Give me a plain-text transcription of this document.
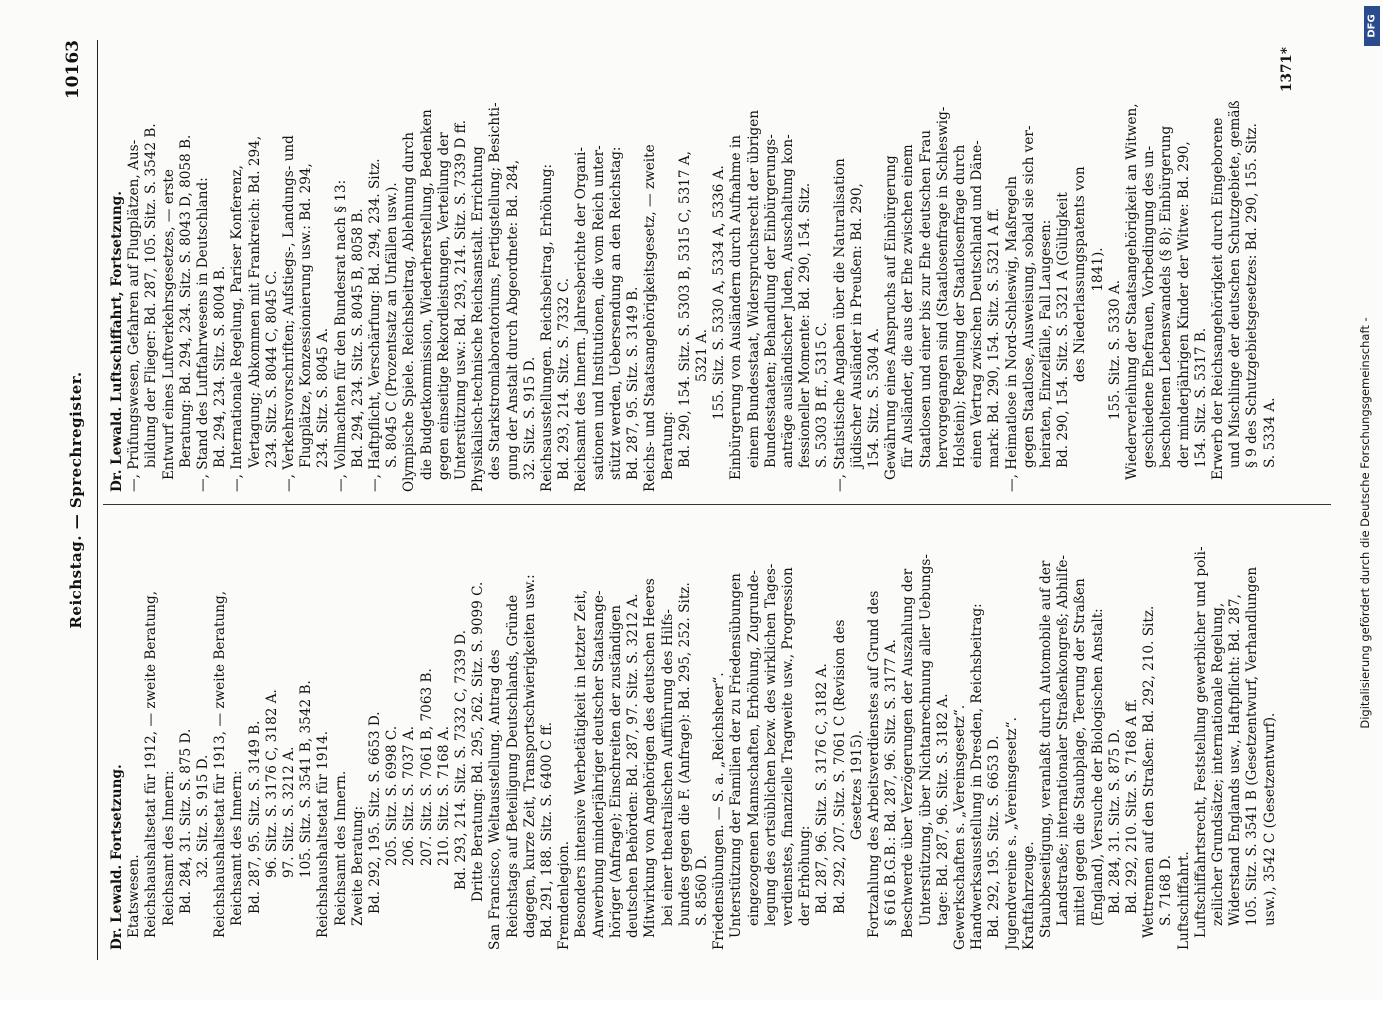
Reichstag. — Sprechregister.
10163
Dr. Lewald. Fortsetzung. Etatswesen. Reichshaushaltsetat für 1912, — zweite Beratung, Reichsamt des Innern: Bd. 284, 31. Sitz. S. 875 D. 32. Sitz. S. 915 D. Reichshaushaltsetat für 1913, — zweite Beratung, Reichsamt des Innern: Bd. 287, 95. Sitz. S. 3149 B. 96. Sitz. S. 3176 C, 3182 A. 97. Sitz. S. 3212 A. 105. Sitz. S. 3541 B, 3542 B. Reichshaushaltsetat für 1914. Reichsamt des Innern. Zweite Beratung: Bd. 292, 195. Sitz. S. 6653 D. 205. Sitz. S. 6998 C. 206. Sitz. S. 7037 A. 207. Sitz. S. 7061 B, 7063 B. 210. Sitz. S. 7168 A. Bd. 293, 214. Sitz. S. 7332 C, 7339 D. Dritte Beratung: Bd. 295, 262. Sitz. S. 9099 C. San Francisco, Weltausstellung. Antrag des Reichstags auf Beteiligung Deutschlands, Gründe dagegen, kurze Zeit, Transportschwierigkeiten usw.: Bd. 291, 188. Sitz. S. 6400 C ff. Fremdenlegion. Besonders intensive Werbetätigkeit in letzter Zeit, Anwerbung minderjähriger deutscher Staatsange- höriger (Anfrage); Einschreiten der zuständigen deutschen Behörden: Bd. 287, 97. Sitz. S. 3212 A. Mitwirkung von Angehörigen des deutschen Heeres bei einer theatralischen Aufführung des Hilfs- bundes gegen die F. (Anfrage): Bd. 295, 252. Sitz. S. 8560 D. Friedensübungen. — S. a. „Reichsheer“. Unterstützung der Familien der zu Friedensübungen eingezogenen Mannschaften, Erhöhung, Zugrunde- legung des ortsüblichen bezw. des wirklichen Tages- verdienstes, finanzielle Tragweite usw., Progression der Erhöhung: Bd. 287, 96. Sitz. S. 3176 C, 3182 A. Bd. 292, 207. Sitz. S. 7061 C (Revision des Gesetzes 1915). Fortzahlung des Arbeitsverdienstes auf Grund des § 616 B.G.B.: Bd. 287, 96. Sitz. S. 3177 A. Beschwerde über Verzögerungen der Auszahlung der Unterstützung, über Nichtanrechnung aller Uebungs- tage: Bd. 287, 96. Sitz. S. 3182 A. Gewerkschaften s. „Vereinsgesetz“. Handwerksausstellung in Dresden, Reichsbeitrag: Bd. 292, 195. Sitz. S. 6653 D. Jugendvereine s. „Vereinsgesetz“. Kraftfahrzeuge. Staubbeseitigung, veranlaßt durch Automobile auf der Landstraße; internationaler Straßenkongreß; Abhilfe- mittel gegen die Staubplage, Teerung der Straßen (England), Versuche der Biologischen Anstalt: Bd. 284, 31. Sitz. S. 875 D. Bd. 292, 210. Sitz. S. 7168 A ff. Wettrennen auf den Straßen: Bd. 292, 210. Sitz. S. 7168 D. Luftschiffahrt. Luftschiffahrtsrecht, Feststellung gewerblicher und poli- zeilicher Grundsätze; internationale Regelung, Widerstand Englands usw., Haftpflicht: Bd. 287, 105. Sitz. S. 3541 B (Gesetzentwurf, Verhandlungen usw.), 3542 C (Gesetzentwurf).
Dr. Lewald. Luftschiffahrt, Fortsetzung. —, Prüfungswesen, Gefahren auf Flugplätzen, Aus- bildung der Flieger: Bd. 287, 105. Sitz. S. 3542 B. Entwurf eines Luftverkehrsgesetzes, — erste Beratung: Bd. 294, 234. Sitz. S. 8043 D, 8058 B. —, Stand des Luftfahrwesens in Deutschland: Bd. 294, 234. Sitz. S. 8004 B. —, Internationale Regelung, Pariser Konferenz, Vertagung; Abkommen mit Frankreich: Bd. 294, 234. Sitz. S. 8044 C, 8045 C. —, Verkehrsvorschriften; Aufstiegs-, Landungs- und Flugplätze, Konzessionierung usw.: Bd. 294, 234. Sitz. S. 8045 A. —, Vollmachten für den Bundesrat nach § 13: Bd. 294, 234. Sitz. S. 8045 B, 8058 B. —, Haftpflicht, Verschärfung: Bd. 294, 234. Sitz. S. 8045 C (Prozentsatz an Unfällen usw.). Olympische Spiele. Reichsbeitrag, Ablehnung durch die Budgetkommission, Wiederherstellung, Bedenken gegen einseitige Rekordleistungen, Verteilung der Unterstützung usw.: Bd. 293, 214. Sitz. S. 7339 D ff. Physikalisch-technische Reichsanstalt. Errichtung des Starkstromlaboratoriums, Fertigstellung; Besichti- gung der Anstalt durch Abgeordnete: Bd. 284, 32. Sitz. S. 915 D. Reichsausstellungen. Reichsbeitrag, Erhöhung: Bd. 293, 214. Sitz. S. 7332 C. Reichsamt des Innern. Jahresberichte der Organi- sationen und Institutionen, die vom Reich unter- stützt werden, Uebersendung an den Reichstag: Bd. 287, 95. Sitz. S. 3149 B. Reichs- und Staatsangehörigkeitsgesetz, — zweite Beratung: Bd. 290, 154. Sitz. S. 5303 B, 5315 C, 5317 A, 5321 A. 155. Sitz. S. 5330 A, 5334 A, 5336 A. Einbürgerung von Ausländern durch Aufnahme in einem Bundesstaat, Widerspruchsrecht der übrigen Bundesstaaten; Behandlung der Einbürgerungs- anträge ausländischer Juden, Ausschaltung kon- fessioneller Momente: Bd. 290, 154. Sitz. S. 5303 B ff., 5315 C. —, Statistische Angaben über die Naturalisation jüdischer Ausländer in Preußen: Bd. 290, 154. Sitz. S. 5304 A. Gewährung eines Anspruchs auf Einbürgerung für Ausländer, die aus der Ehe zwischen einem Staatlosen und einer bis zur Ehe deutschen Frau hervorgegangen sind (Staatlosenfrage in Schleswig- Holstein); Regelung der Staatlosenfrage durch einen Vertrag zwischen Deutschland und Däne- mark: Bd. 290, 154. Sitz. S. 5321 A ff. —, Heimatlose in Nord-Schleswig, Maßregeln gegen Staatlose, Ausweisung, sobald sie sich ver- heiraten, Einzelfälle, Fall Laugesen: Bd. 290, 154. Sitz. S. 5321 A (Gültigkeit des Niederlassungspatents von 1841).
155. Sitz. S. 5330 A. Wiederverleihung der Staatsangehörigkeit an Witwen, geschiedene Ehefrauen, Vorbedingung des un- bescholtenen Lebenswandels (§ 8); Einbürgerung der minderjährigen Kinder der Witwe: Bd. 290, 154. Sitz. S. 5317 B. Erwerb der Reichsangehörigkeit durch Eingeborene und Mischlinge der deutschen Schutzgebiete, gemäß § 9 des Schutzgebietsgesetzes: Bd. 290, 155. Sitz. S. 5334 A.
1371*
Digitalisierung gefördert durch die Deutsche Forschungsgemeinschaft -
DFG
